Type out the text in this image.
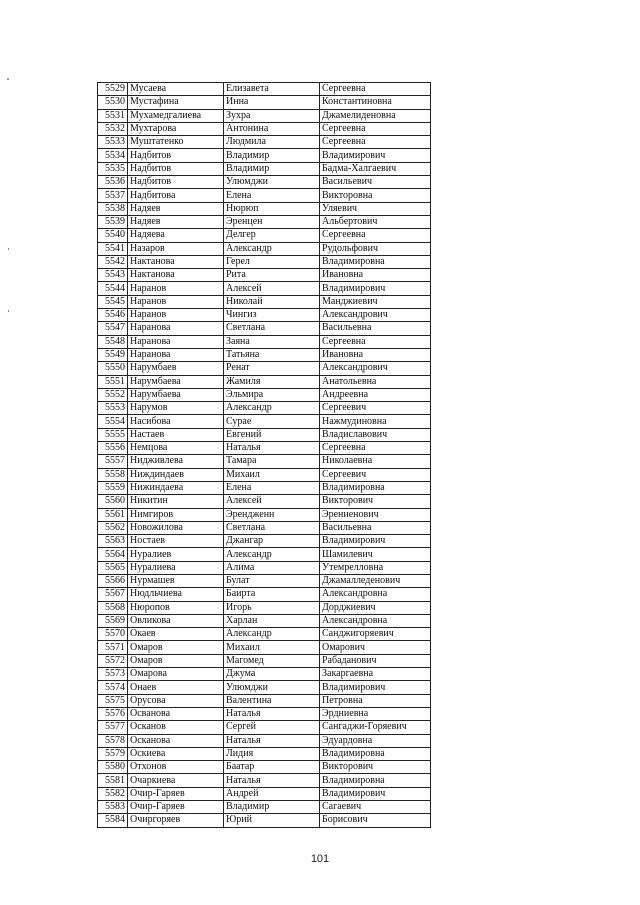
5529	Мусаева	Елизавета	Сергеевна
5530	Мустафина	Инна	Константиновна
5531	Мухамедгалиева	Зухра	Джамелиденовна
5532	Мухтарова	Антонина	Сергеевна
5533	Муштатенко	Людмила	Сергеевна
5534	Надбитов	Владимир	Владимирович
5535	Надбитов	Владимир	Бадма-Халгаевич
5536	Надбитов	Улюмджи	Васильевич
5537	Надбитова	Елена	Викторовна
5538	Надяев	Нюрюп	Уляевич
5539	Надяев	Эренцен	Альбертович
5540	Надяева	Делгер	Сергеевна
5541	Назаров	Александр	Рудольфович
5542	Нактанова	Герел	Владимировна
5543	Нактанова	Рита	Ивановна
5544	Наранов	Алексей	Владимирович
5545	Наранов	Николай	Манджиевич
5546	Наранов	Чингиз	Александрович
5547	Наранова	Светлана	Васильевна
5548	Наранова	Заяна	Сергеевна
5549	Наранова	Татьяна	Ивановна
5550	Нарумбаев	Ренат	Александрович
5551	Нарумбаева	Жамиля	Анатольевна
5552	Нарумбаева	Эльмира	Андреевна
5553	Нарумов	Александр	Сергеевич
5554	Насибова	Сурае	Нажмудиновна
5555	Настаев	Евгений	Владиславович
5556	Немцова	Наталья	Сергеевна
5557	Нидживлева	Тамара	Николаевна
5558	Ниждиндаев	Михаил	Сергеевич
5559	Нижиндаева	Елена	Владимировна
5560	Никитин	Алексей	Викторович
5561	Нимгиров	Эрендженн	Эрениенович
5562	Новожилова	Светлана	Васильевна
5563	Ностаев	Джангар	Владимирович
5564	Нуралиев	Александр	Шамилевич
5565	Нуралиева	Алима	Утемрелловна
5566	Нурмашев	Булат	Джамалледенович
5567	Нюдльчиева	Баирта	Александровна
5568	Нюропов	Игорь	Дорджиевич
5569	Овликова	Харлан	Александровна
5570	Окаев	Александр	Санджигоряевич
5571	Омаров	Михаил	Омарович
5572	Омаров	Магомед	Рабаданович
5573	Омарова	Джума	Закаргаевна
5574	Онаев	Улюмджи	Владимирович
5575	Орусова	Валентина	Петровна
5576	Осванова	Наталья	Эрдниевна
5577	Осканов	Сергей	Сангаджи-Горяевич
5578	Осканова	Наталья	Эдуардовна
5579	Оскиева	Лидия	Владимировна
5580	Отхонов	Баатар	Викторович
5581	Очаркиева	Наталья	Владимировна
5582	Очир-Гаряев	Андрей	Владимирович
5583	Очир-Гаряев	Владимир	Сагаевич
5584	Очиргоряев	Юрий	Борисович
101
